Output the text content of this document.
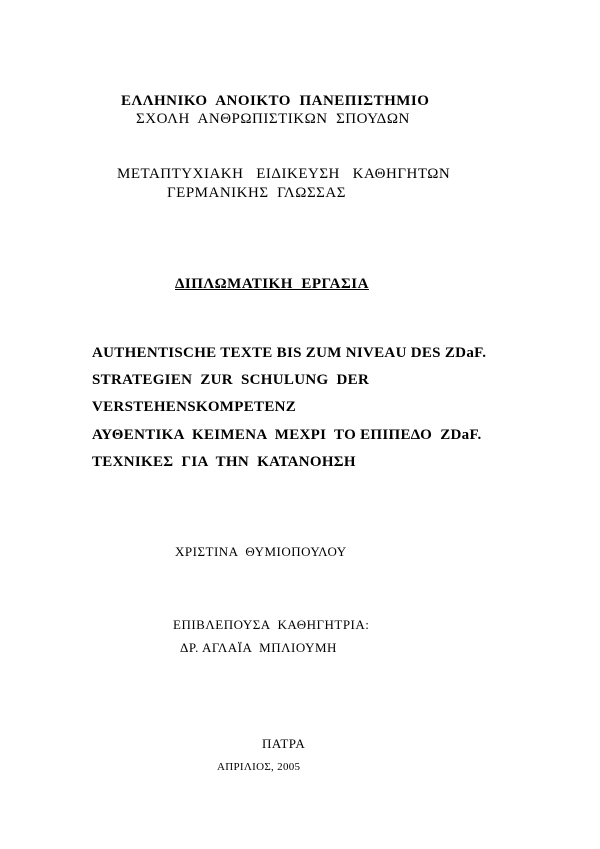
ΕΛΛΗΝΙΚΟ  ΑΝΟΙΚΤΟ  ΠΑΝΕΠΙΣΤΗΜΙΟ
ΣΧΟΛΗ  ΑΝΘΡΩΠΙΣΤΙΚΩΝ  ΣΠΟΥΔΩΝ
ΜΕΤΑΠΤΥΧΙΑΚΗ   ΕΙΔΙΚΕΥΣΗ   ΚΑΘΗΓΗΤΩΝ
ΓΕΡΜΑΝΙΚΗΣ  ΓΛΩΣΣΑΣ
ΔΙΠΛΩΜΑΤΙΚΗ  ΕΡΓΑΣΙΑ
AUTHENTISCHE TEXTE BIS ZUM NIVEAU DES ZDaF.
STRATEGIEN  ZUR  SCHULUNG  DER
VERSTEHENSKOMPETENZ
ΑΥΘΕΝΤΙΚΑ  ΚΕΙΜΕΝΑ  ΜΕΧΡΙ  ΤΟ ΕΠΙΠΕΔΟ  ZDaF.
ΤΕΧΝΙΚΕΣ  ΓΙΑ  ΤΗΝ  ΚΑΤΑΝΟΗΣΗ
ΧΡΙΣΤΙΝΑ  ΘΥΜΙΟΠΟΥΛΟΥ
ΕΠΙΒΛΕΠΟΥΣΑ  ΚΑΘΗΓΗΤΡΙΑ:
ΔΡ. ΑΓΛΑΪΑ  ΜΠΛΙΟΥΜΗ
ΠΑΤΡΑ
ΑΠΡΙΛΙΟΣ, 2005
